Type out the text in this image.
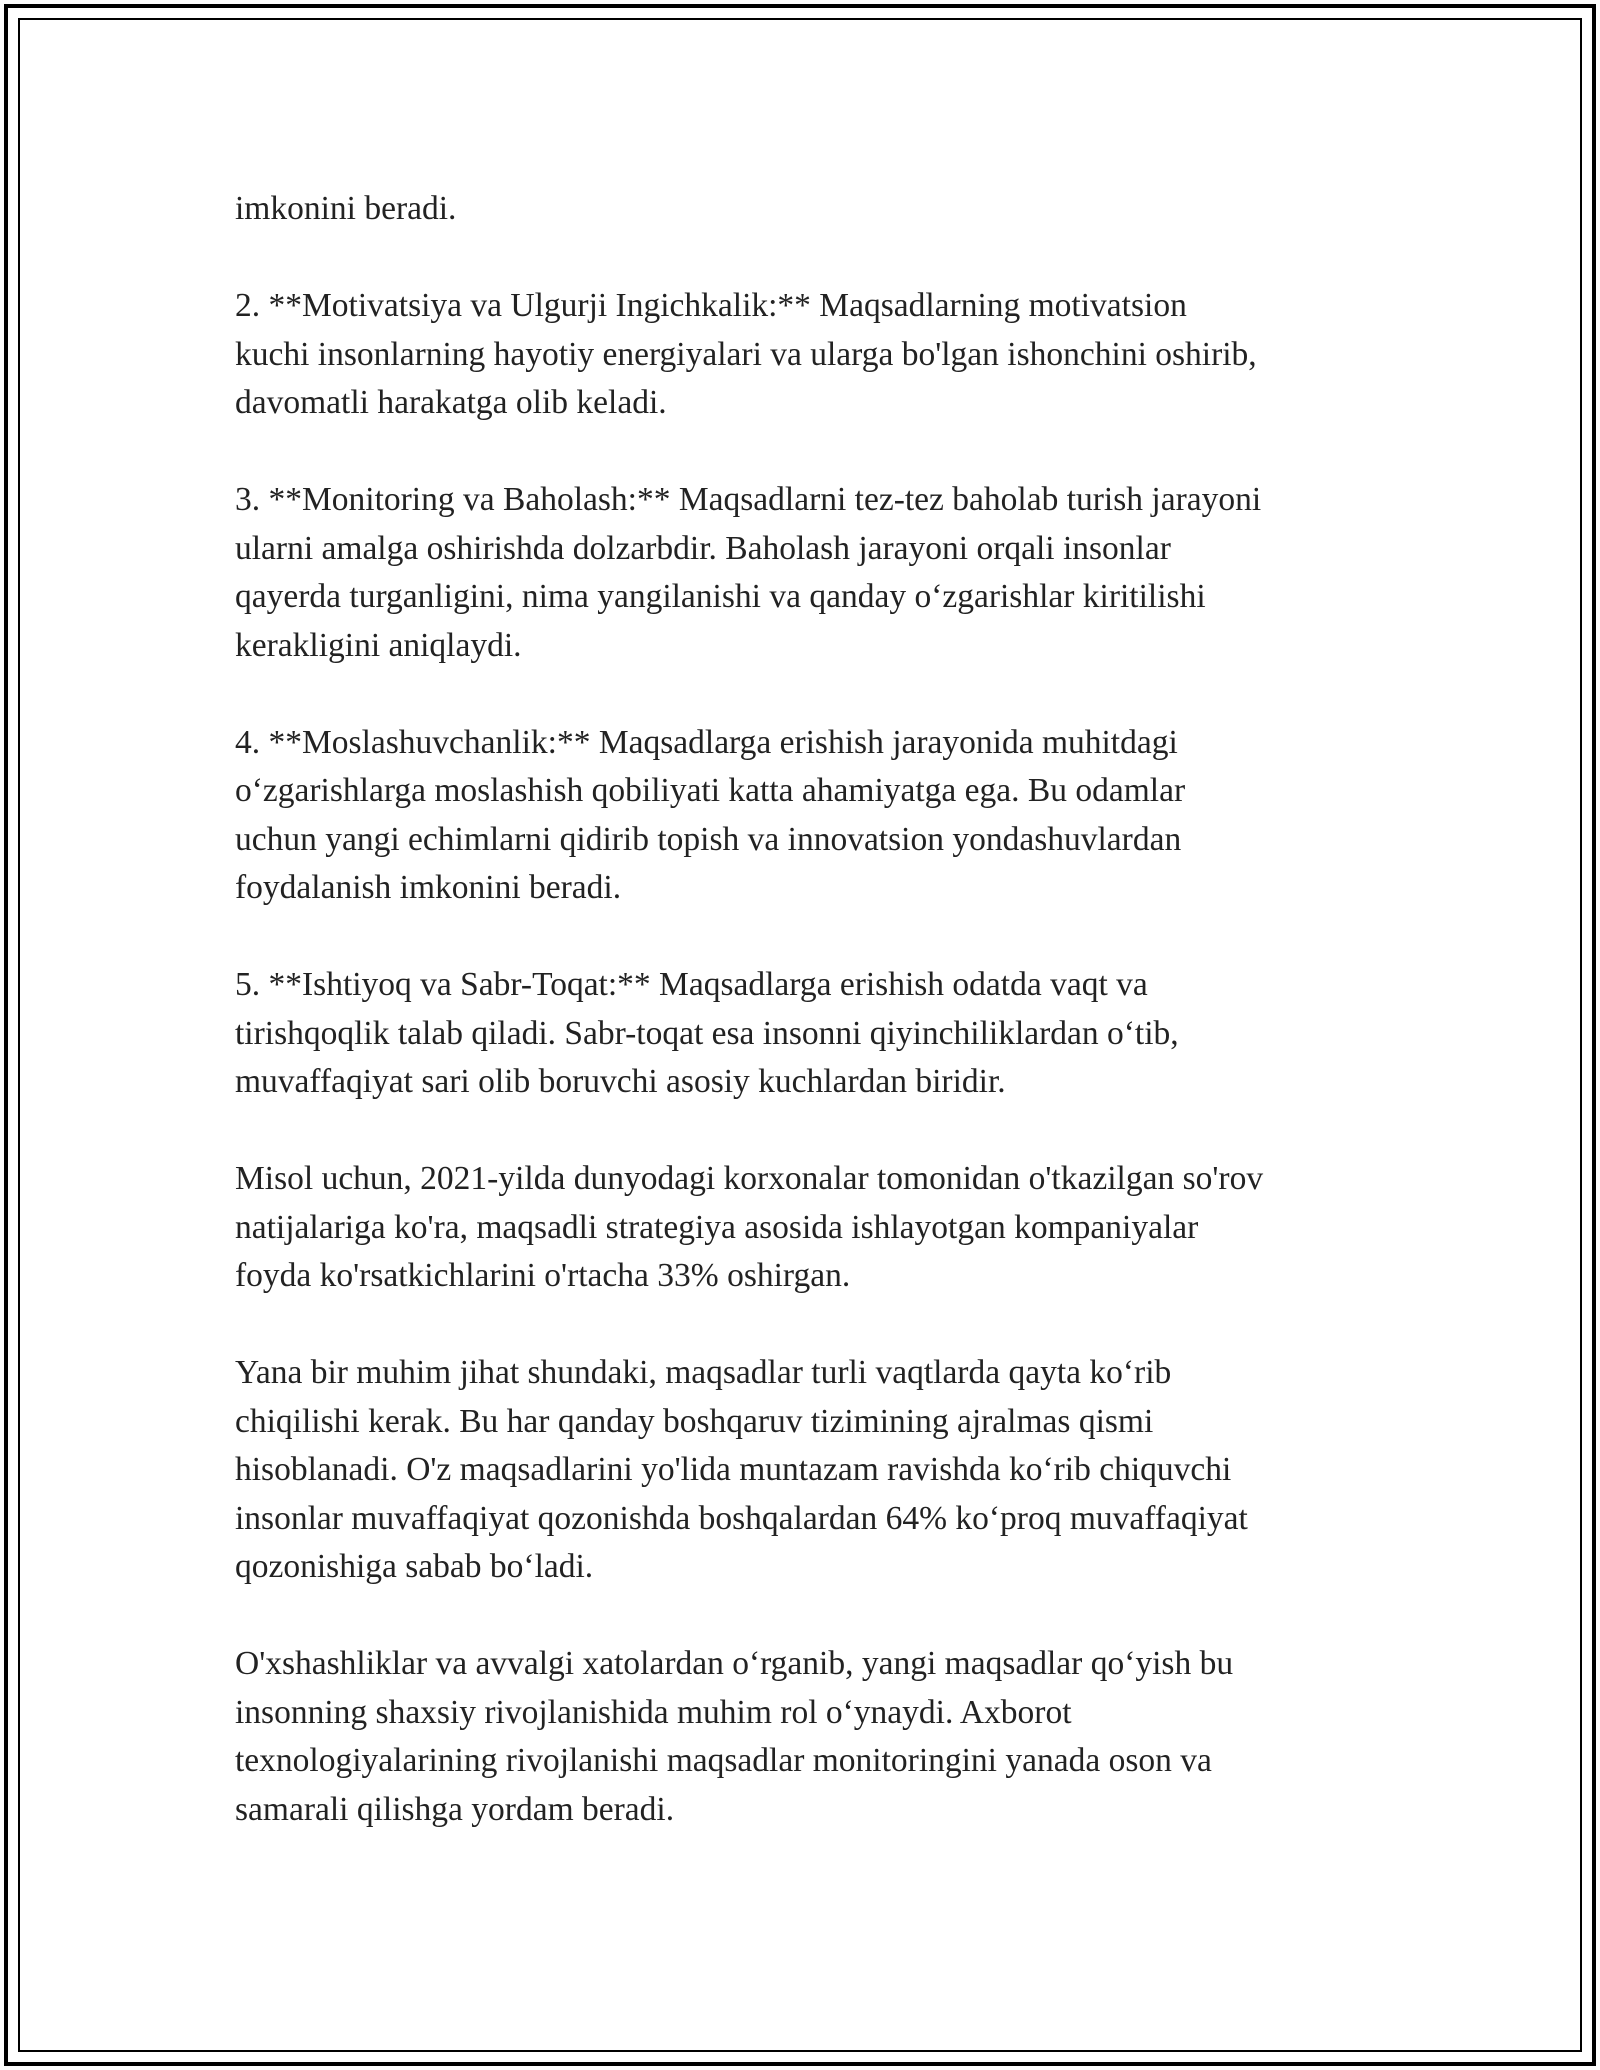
imkonini beradi.

2. **Motivatsiya va Ulgurji Ingichkalik:** Maqsadlarning motivatsion
kuchi insonlarning hayotiy energiyalari va ularga bo'lgan ishonchini oshirib,
davomatli harakatga olib keladi.

3. **Monitoring va Baholash:** Maqsadlarni tez-tez baholab turish jarayoni
ularni amalga oshirishda dolzarbdir. Baholash jarayoni orqali insonlar
qayerda turganligini, nima yangilanishi va qanday o‘zgarishlar kiritilishi
kerakligini aniqlaydi.

4. **Moslashuvchanlik:** Maqsadlarga erishish jarayonida muhitdagi
o‘zgarishlarga moslashish qobiliyati katta ahamiyatga ega. Bu odamlar
uchun yangi echimlarni qidirib topish va innovatsion yondashuvlardan
foydalanish imkonini beradi.

5. **Ishtiyoq va Sabr-Toqat:** Maqsadlarga erishish odatda vaqt va
tirishqoqlik talab qiladi. Sabr-toqat esa insonni qiyinchiliklardan o‘tib,
muvaffaqiyat sari olib boruvchi asosiy kuchlardan biridir.

Misol uchun, 2021-yilda dunyodagi korxonalar tomonidan o'tkazilgan so'rov
natijalariga ko'ra, maqsadli strategiya asosida ishlayotgan kompaniyalar
foyda ko'rsatkichlarini o'rtacha 33% oshirgan.

Yana bir muhim jihat shundaki, maqsadlar turli vaqtlarda qayta ko‘rib
chiqilishi kerak. Bu har qanday boshqaruv tizimining ajralmas qismi
hisoblanadi. O'z maqsadlarini yo'lida muntazam ravishda ko‘rib chiquvchi
insonlar muvaffaqiyat qozonishda boshqalardan 64% ko‘proq muvaffaqiyat
qozonishiga sabab bo‘ladi.

O'xshashliklar va avvalgi xatolardan o‘rganib, yangi maqsadlar qo‘yish bu
insonning shaxsiy rivojlanishida muhim rol o‘ynaydi. Axborot
texnologiyalarining rivojlanishi maqsadlar monitoringini yanada oson va
samarali qilishga yordam beradi.
